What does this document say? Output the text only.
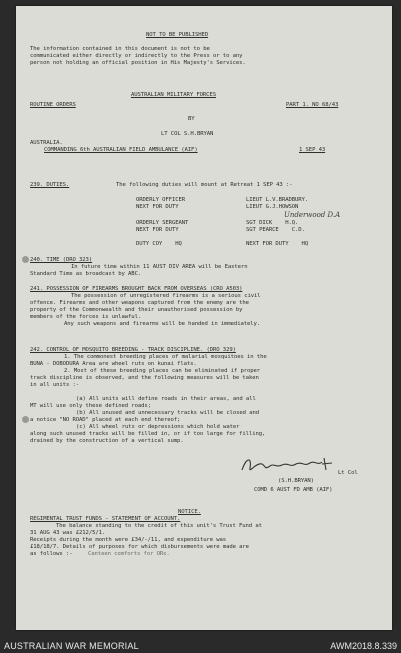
NOT TO BE PUBLISHED
The information contained in this document is not to be
communicated either directly or indirectly to the Press or to any
person not holding an official position in His Majesty's Services.
AUSTRALIAN MILITARY FORCES
ROUTINE ORDERS	PART 1. NO 68/43
BY
LT COL S.H.BRYAN
AUSTRALIA.
COMMANDING 6th AUSTRALIAN FIELD AMBULANCE (AIF)	1 SEP 43
239. DUTIES.	The following duties will mount at Retreat 1 SEP 43 :-
ORDERLY OFFICER	LIEUT L.V.BRADBURY.
NEXT FOR DUTY	LIEUT G.J.HOWSON
Underwood D.A
ORDERLY SERGEANT	SGT DICK    H.Q.
NEXT FOR DUTY	SGT PEARCE    C.D.
DUTY COY    HQ	NEXT FOR DUTY    HQ
240. TIME (DRO 323)
In future time within 11 AUST DIV AREA will be Eastern
Standard Time as broadcast by ABC.
241. POSSESSION OF FIREARMS BROUGHT BACK FROM OVERSEAS (CRO A503)
The possession of unregistered firearms is a serious civil
offence. Firearms and other weapons captured from the enemy are the
property of the Commonwealth and their unauthorised possession by
members of the forces is unlawful.
Any such weapons and firearms will be handed in immediately.
242. CONTROL OF MOSQUITO BREEDING - TRACK DISCIPLINE. (DRO 329)
1. The commonest breeding places of malarial mosquitoes in the
BUNA - DOBODURA Area are wheel ruts on kunai flats.
2. Most of these breeding places can be eliminated if proper
track discipline is observed, and the following measures will be taken
in all units :-
(a) All units will define roads in their areas, and all
MT will use only these defined roads;
(b) All unused and unnecessary tracks will be closed and
a notice "NO ROAD" placed at each end thereof;
(c) All wheel ruts or depressions which hold water
along such unused tracks will be filled in, or if too large for filling,
drained by the construction of a vertical sump.
Lt Col
(S.H.BRYAN)
COMD 6 AUST FD AMB (AIF)
NOTICE.
REGIMENTAL TRUST FUNDS - STATEMENT OF ACCOUNT.
The balance standing to the credit of this unit's Trust Fund at
31 AUG 43 was £212/5/1.
Receipts during the month were £34/-/11, and expenditure was
£18/18/7. Details of purposes for which disbursements were made are
as follows :-	Canteen comforts for ORs.
AUSTRALIAN WAR MEMORIAL	AWM2018.8.339
